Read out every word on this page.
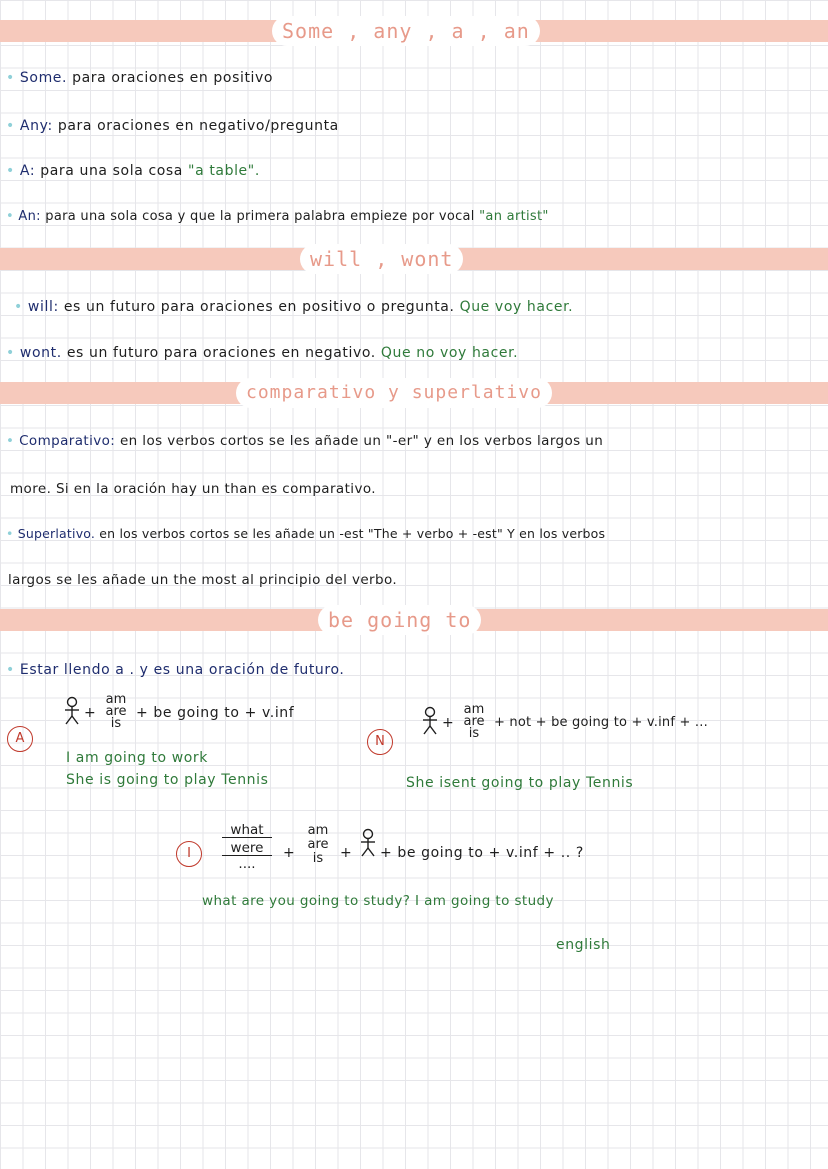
Some , any , a , an
• Some. para oraciones en positivo
• Any: para oraciones en negativo/pregunta
• A: para una sola cosa "a table".
• An: para una sola cosa y que la primera palabra empieze por vocal "an artist"
will , wont
• will: es un futuro para oraciones en positivo o pregunta. Que voy hacer.
• wont. es un futuro para oraciones en negativo. Que no voy hacer.
comparativo y superlativo
• Comparativo: en los verbos cortos se les añade un "-er" y en los verbos largos un
more. Si en la oración hay un than es comparativo.
• Superlativo. en los verbos cortos se les añade un -est "The + verbo + -est" Y en los verbos
largos se les añade un the most al principio del verbo.
be going to
• Estar llendo a . y es una oración de futuro.
A
+
am
are
is
+ be going to + v.inf
I am going to work
She is going to play Tennis
+
am
are
is
+ not + be going to + v.inf + ...
N
She isent going to play Tennis
I
what
were
....
+
am
are
is	+ + be going to + v.inf + .. ?
what are you going to study? I am going to study
english
